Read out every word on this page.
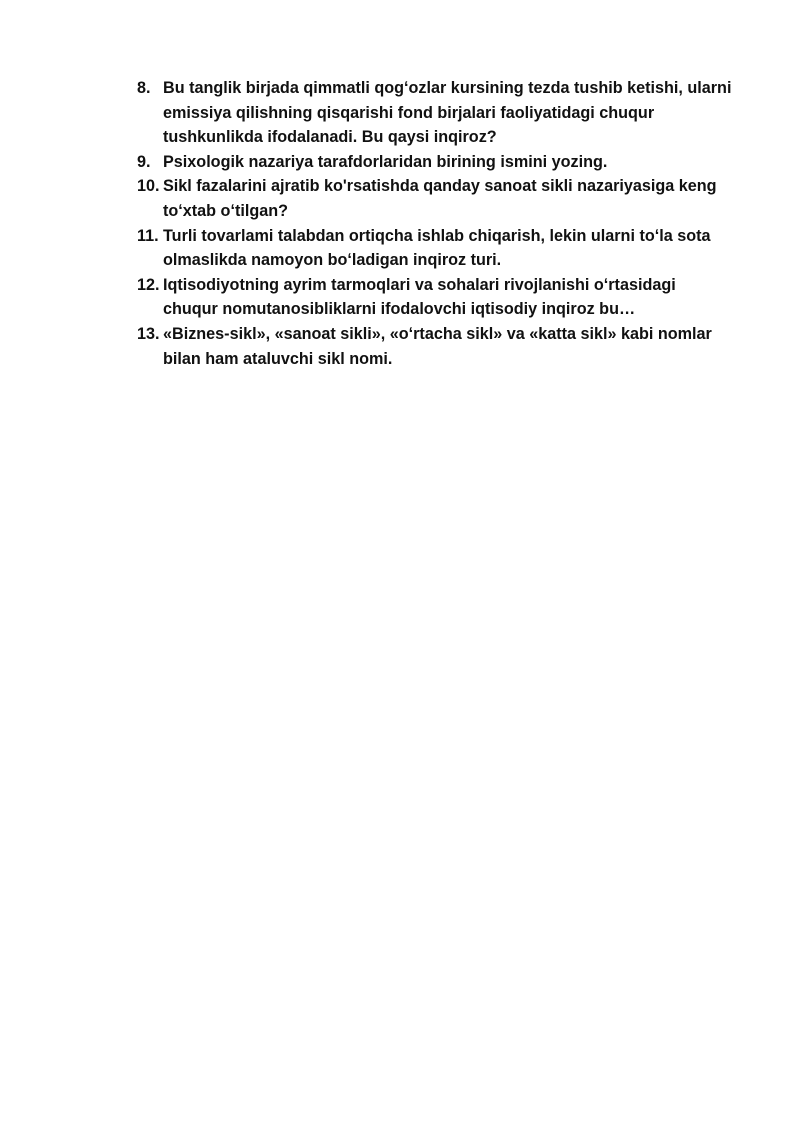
8. Bu tanglik birjada qimmatli qogʻozlar kursining tezda tushib ketishi, ularni
emissiya qilishning qisqarishi fond birjalari faoliyatidagi chuqur
tushkunlikda ifodalanadi. Bu qaysi inqiroz?
9. Psixologik nazariya tarafdorlaridan birining ismini yozing.
10. Sikl fazalarini ajratib ko'rsatishda qanday sanoat sikli nazariyasiga keng
toʻxtab oʻtilgan?
11. Turli tovarlami talabdan ortiqcha ishlab chiqarish, lekin ularni toʻla sota
olmaslikda namoyon boʻladigan inqiroz turi.
12. Iqtisodiyotning ayrim tarmoqlari va sohalari rivojlanishi oʻrtasidagi
chuqur nomutanosibliklarni ifodalovchi iqtisodiy inqiroz bu…
13. «Biznes-sikl», «sanoat sikli», «oʻrtacha sikl» va «katta sikl» kabi nomlar
bilan ham ataluvchi sikl nomi.
